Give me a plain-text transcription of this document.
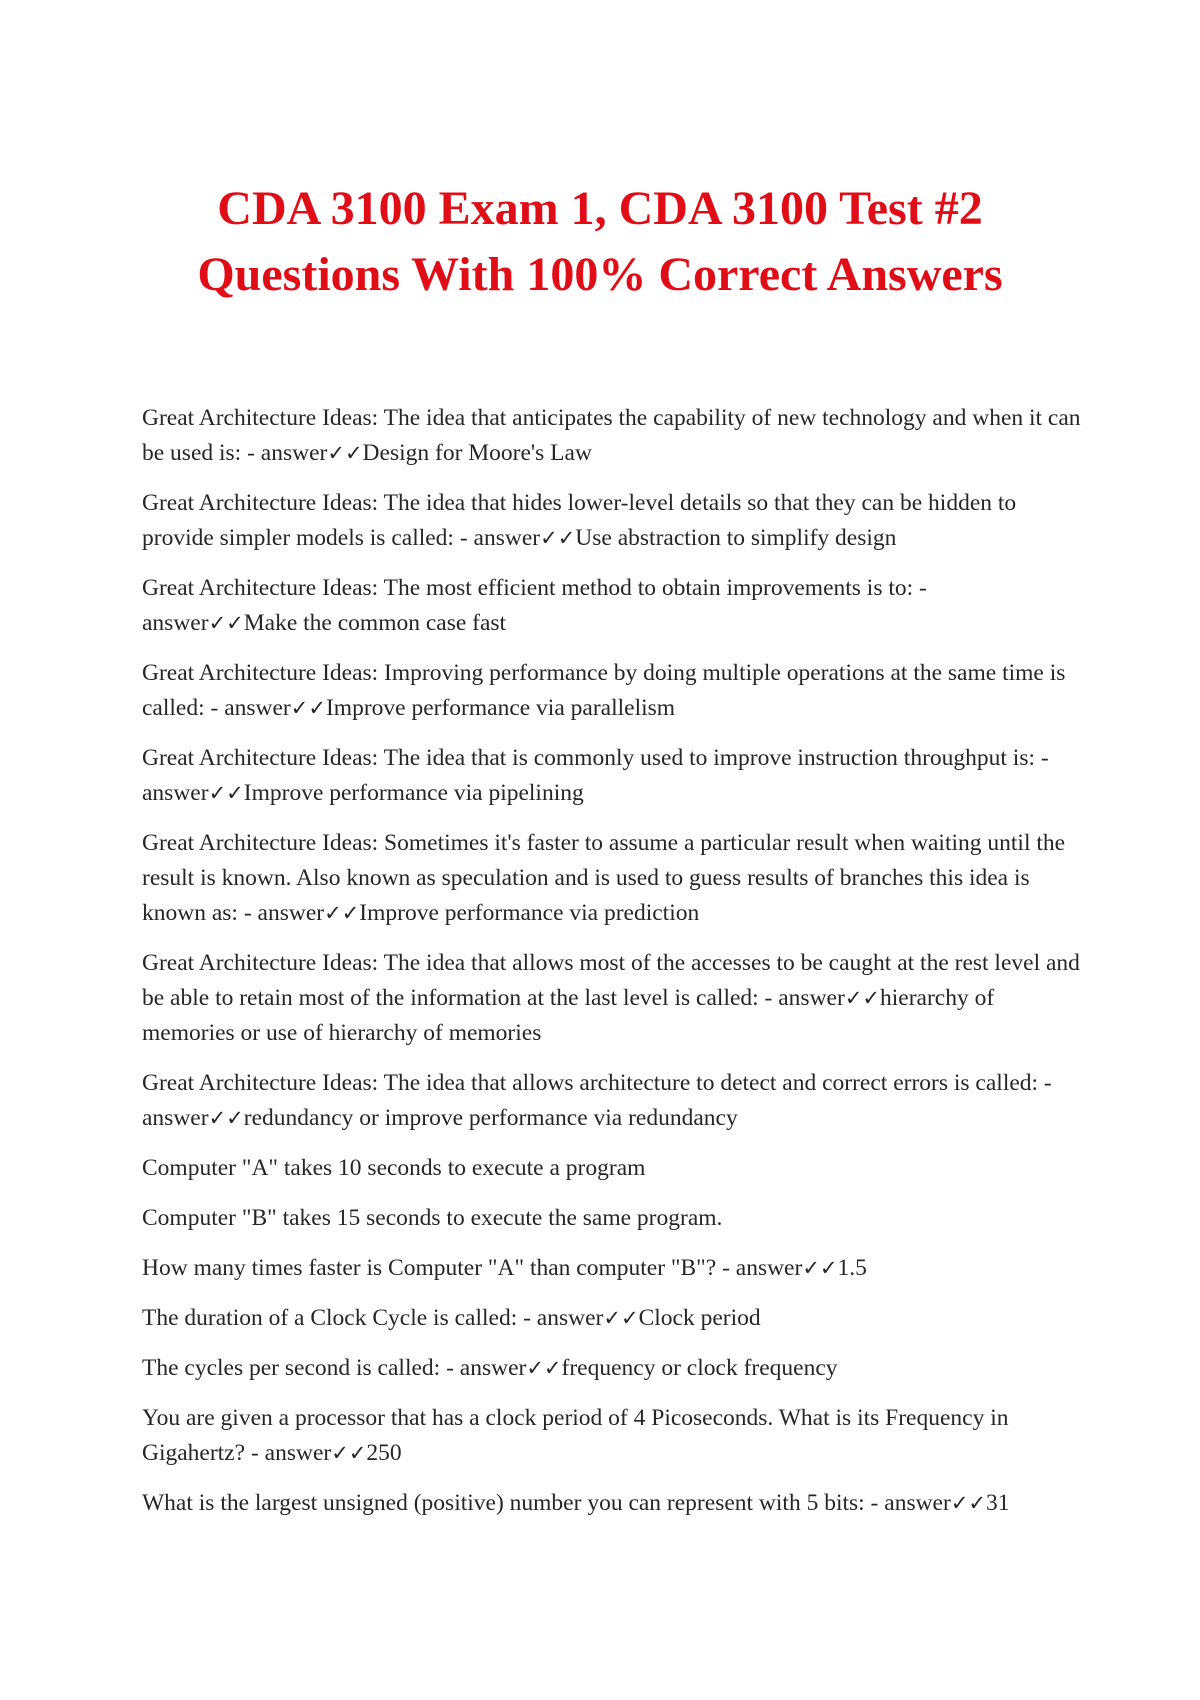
CDA 3100 Exam 1, CDA 3100 Test #2
Questions With 100% Correct Answers

Great Architecture Ideas: The idea that anticipates the capability of new technology and when it can be used is: - answer✓✓Design for Moore's Law

Great Architecture Ideas: The idea that hides lower-level details so that they can be hidden to provide simpler models is called: - answer✓✓Use abstraction to simplify design

Great Architecture Ideas: The most efficient method to obtain improvements is to: - answer✓✓Make the common case fast

Great Architecture Ideas: Improving performance by doing multiple operations at the same time is called: - answer✓✓Improve performance via parallelism

Great Architecture Ideas: The idea that is commonly used to improve instruction throughput is: - answer✓✓Improve performance via pipelining

Great Architecture Ideas: Sometimes it's faster to assume a particular result when waiting until the result is known. Also known as speculation and is used to guess results of branches this idea is known as: - answer✓✓Improve performance via prediction

Great Architecture Ideas: The idea that allows most of the accesses to be caught at the rest level and be able to retain most of the information at the last level is called: - answer✓✓hierarchy of memories or use of hierarchy of memories

Great Architecture Ideas: The idea that allows architecture to detect and correct errors is called: - answer✓✓redundancy or improve performance via redundancy

Computer "A" takes 10 seconds to execute a program

Computer "B" takes 15 seconds to execute the same program.

How many times faster is Computer "A" than computer "B"? - answer✓✓1.5

The duration of a Clock Cycle is called: - answer✓✓Clock period

The cycles per second is called: - answer✓✓frequency or clock frequency

You are given a processor that has a clock period of 4 Picoseconds. What is its Frequency in Gigahertz? - answer✓✓250

What is the largest unsigned (positive) number you can represent with 5 bits: - answer✓✓31
